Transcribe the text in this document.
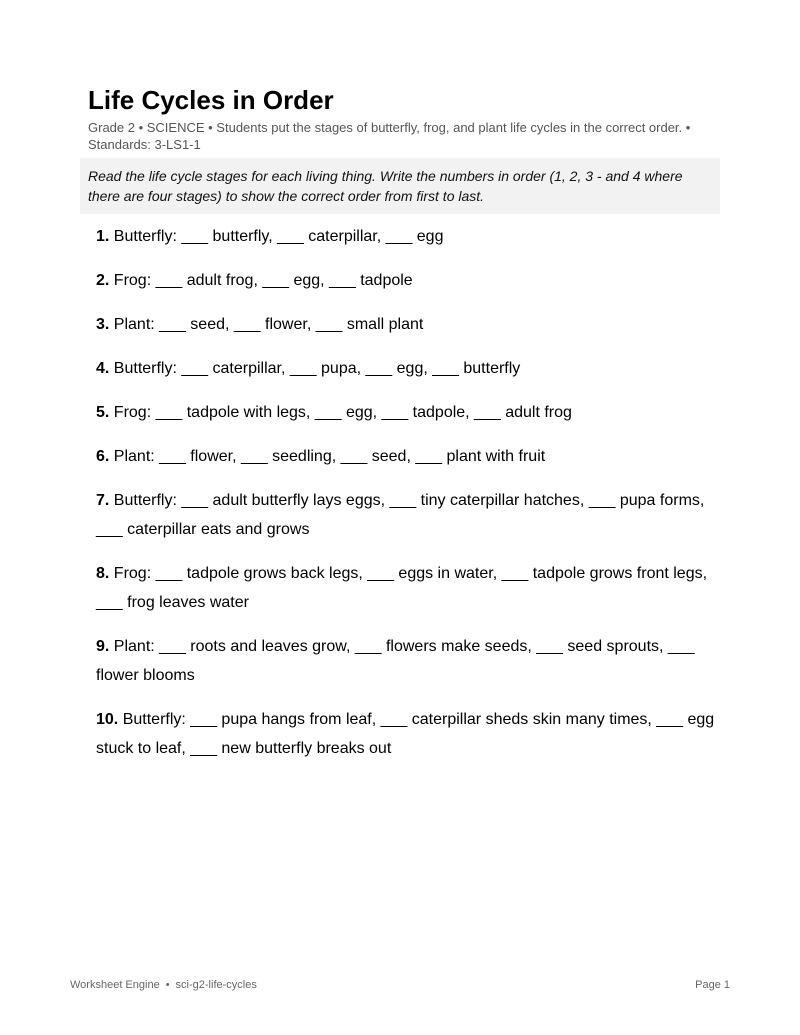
Life Cycles in Order
Grade 2 • SCIENCE • Students put the stages of butterfly, frog, and plant life cycles in the correct order. • Standards: 3-LS1-1
Read the life cycle stages for each living thing. Write the numbers in order (1, 2, 3 - and 4 where there are four stages) to show the correct order from first to last.
1. Butterfly: ___ butterfly, ___ caterpillar, ___ egg
2. Frog: ___ adult frog, ___ egg, ___ tadpole
3. Plant: ___ seed, ___ flower, ___ small plant
4. Butterfly: ___ caterpillar, ___ pupa, ___ egg, ___ butterfly
5. Frog: ___ tadpole with legs, ___ egg, ___ tadpole, ___ adult frog
6. Plant: ___ flower, ___ seedling, ___ seed, ___ plant with fruit
7. Butterfly: ___ adult butterfly lays eggs, ___ tiny caterpillar hatches, ___ pupa forms, ___ caterpillar eats and grows
8. Frog: ___ tadpole grows back legs, ___ eggs in water, ___ tadpole grows front legs, ___ frog leaves water
9. Plant: ___ roots and leaves grow, ___ flowers make seeds, ___ seed sprouts, ___ flower blooms
10. Butterfly: ___ pupa hangs from leaf, ___ caterpillar sheds skin many times, ___ egg stuck to leaf, ___ new butterfly breaks out
Worksheet Engine • sci-g2-life-cycles	Page 1
